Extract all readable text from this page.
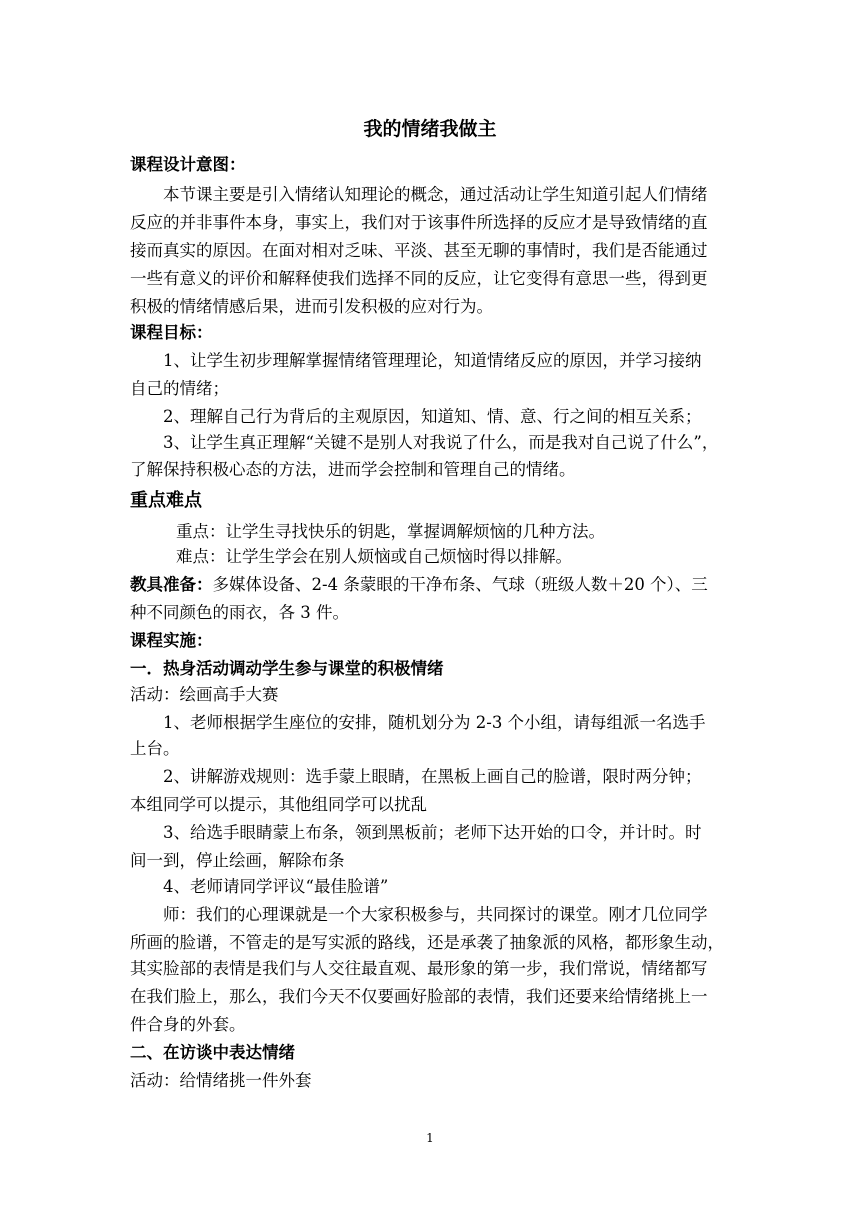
我的情绪我做主
课程设计意图：
本节课主要是引入情绪认知理论的概念，通过活动让学生知道引起人们情绪
反应的并非事件本身，事实上，我们对于该事件所选择的反应才是导致情绪的直
接而真实的原因。在面对相对乏味、平淡、甚至无聊的事情时，我们是否能通过
一些有意义的评价和解释使我们选择不同的反应，让它变得有意思一些，得到更
积极的情绪情感后果，进而引发积极的应对行为。
课程目标：
1、让学生初步理解掌握情绪管理理论，知道情绪反应的原因，并学习接纳
自己的情绪；
2、理解自己行为背后的主观原因，知道知、情、意、行之间的相互关系；
3、让学生真正理解“关键不是别人对我说了什么，而是我对自己说了什么”，
了解保持积极心态的方法，进而学会控制和管理自己的情绪。
重点难点
重点：让学生寻找快乐的钥匙，掌握调解烦恼的几种方法。
难点：让学生学会在别人烦恼或自己烦恼时得以排解。
教具准备：多媒体设备、2-4 条蒙眼的干净布条、气球（班级人数＋20 个）、三
种不同颜色的雨衣，各 3 件。
课程实施：
一．热身活动调动学生参与课堂的积极情绪
活动：绘画高手大赛
1、老师根据学生座位的安排，随机划分为 2-3 个小组，请每组派一名选手
上台。
2、讲解游戏规则：选手蒙上眼睛，在黑板上画自己的脸谱，限时两分钟；
本组同学可以提示，其他组同学可以扰乱
3、给选手眼睛蒙上布条，领到黑板前；老师下达开始的口令，并计时。时
间一到，停止绘画，解除布条
4、老师请同学评议“最佳脸谱”
师：我们的心理课就是一个大家积极参与，共同探讨的课堂。刚才几位同学
所画的脸谱，不管走的是写实派的路线，还是承袭了抽象派的风格，都形象生动，
其实脸部的表情是我们与人交往最直观、最形象的第一步，我们常说，情绪都写
在我们脸上，那么，我们今天不仅要画好脸部的表情，我们还要来给情绪挑上一
件合身的外套。
二、在访谈中表达情绪
活动：给情绪挑一件外套
1
